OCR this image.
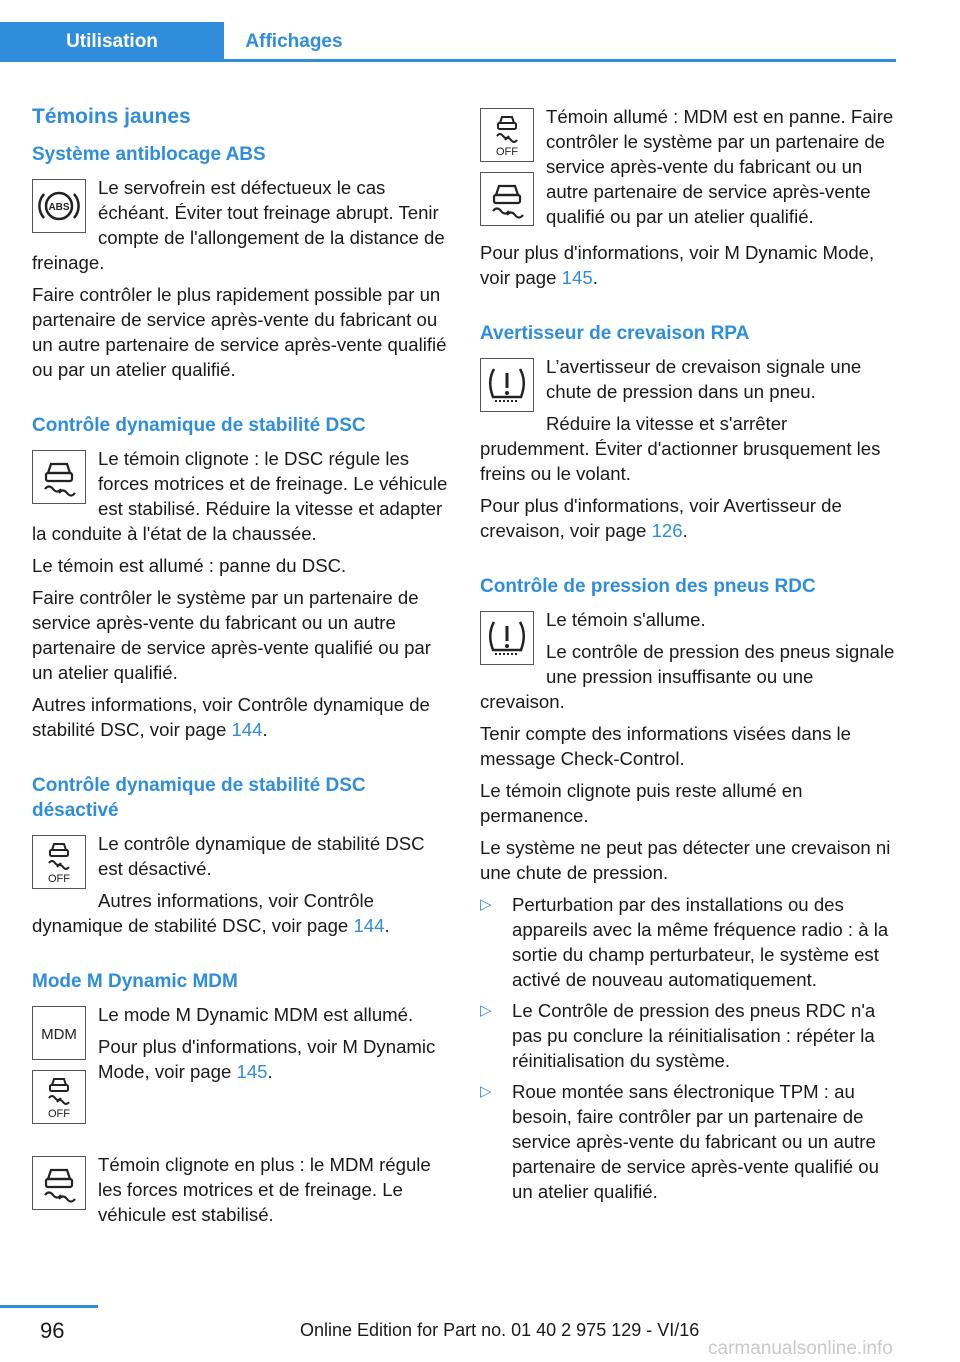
Utilisation	Affichages
Témoins jaunes
Système antiblocage ABS
ABS

Le servofrein est défectueux le cas échéant. Éviter tout freinage abrupt. Tenir compte de l'allongement de la distance de freinage.

Faire contrôler le plus rapidement possible par un partenaire de service après-vente du fabricant ou un autre partenaire de service après-vente qualifié ou par un atelier qualifié.

Contrôle dynamique de stabilité DSC

Le témoin clignote : le DSC régule les forces motrices et de freinage. Le véhicule est stabilisé. Réduire la vitesse et adapter la conduite à l'état de la chaussée.

Le témoin est allumé : panne du DSC.

Faire contrôler le système par un partenaire de service après-vente du fabricant ou un autre partenaire de service après-vente qualifié ou par un atelier qualifié.

Autres informations, voir Contrôle dynamique de stabilité DSC, voir page 144.

Contrôle dynamique de stabilité DSC désactivé
OFF

Le contrôle dynamique de stabilité DSC est désactivé.

Autres informations, voir Contrôle dynamique de stabilité DSC, voir page 144.

Mode M Dynamic MDM
MDM
OFF

Le mode M Dynamic MDM est allumé.

Pour plus d'informations, voir M Dynamic Mode, voir page 145.

Témoin clignote en plus : le MDM régule les forces motrices et de freinage. Le véhicule est stabilisé.

OFF

Témoin allumé : MDM est en panne. Faire contrôler le système par un partenaire de service après-vente du fabricant ou un autre partenaire de service après-vente qualifié ou par un atelier qualifié.

Pour plus d'informations, voir M Dynamic Mode, voir page 145.

Avertisseur de crevaison RPA

L’avertisseur de crevaison signale une chute de pression dans un pneu.

Réduire la vitesse et s'arrêter prudemment. Éviter d'actionner brusquement les freins ou le volant.

Pour plus d'informations, voir Avertisseur de crevaison, voir page 126.

Contrôle de pression des pneus RDC

Le témoin s'allume.

Le contrôle de pression des pneus signale une pression insuffisante ou une crevaison.

Tenir compte des informations visées dans le message Check-Control.

Le témoin clignote puis reste allumé en permanence.

Le système ne peut pas détecter une crevaison ni une chute de pression.

▷ Perturbation par des installations ou des appareils avec la même fréquence radio : à la sortie du champ perturbateur, le système est activé de nouveau automatiquement.
▷ Le Contrôle de pression des pneus RDC n'a pas pu conclure la réinitialisation : répéter la réinitialisation du système.
▷ Roue montée sans électronique TPM : au besoin, faire contrôler par un partenaire de service après-vente du fabricant ou un autre partenaire de service après-vente qualifié ou un atelier qualifié.
96	Online Edition for Part no. 01 40 2 975 129 - VI/16
carmanualsonline.info
